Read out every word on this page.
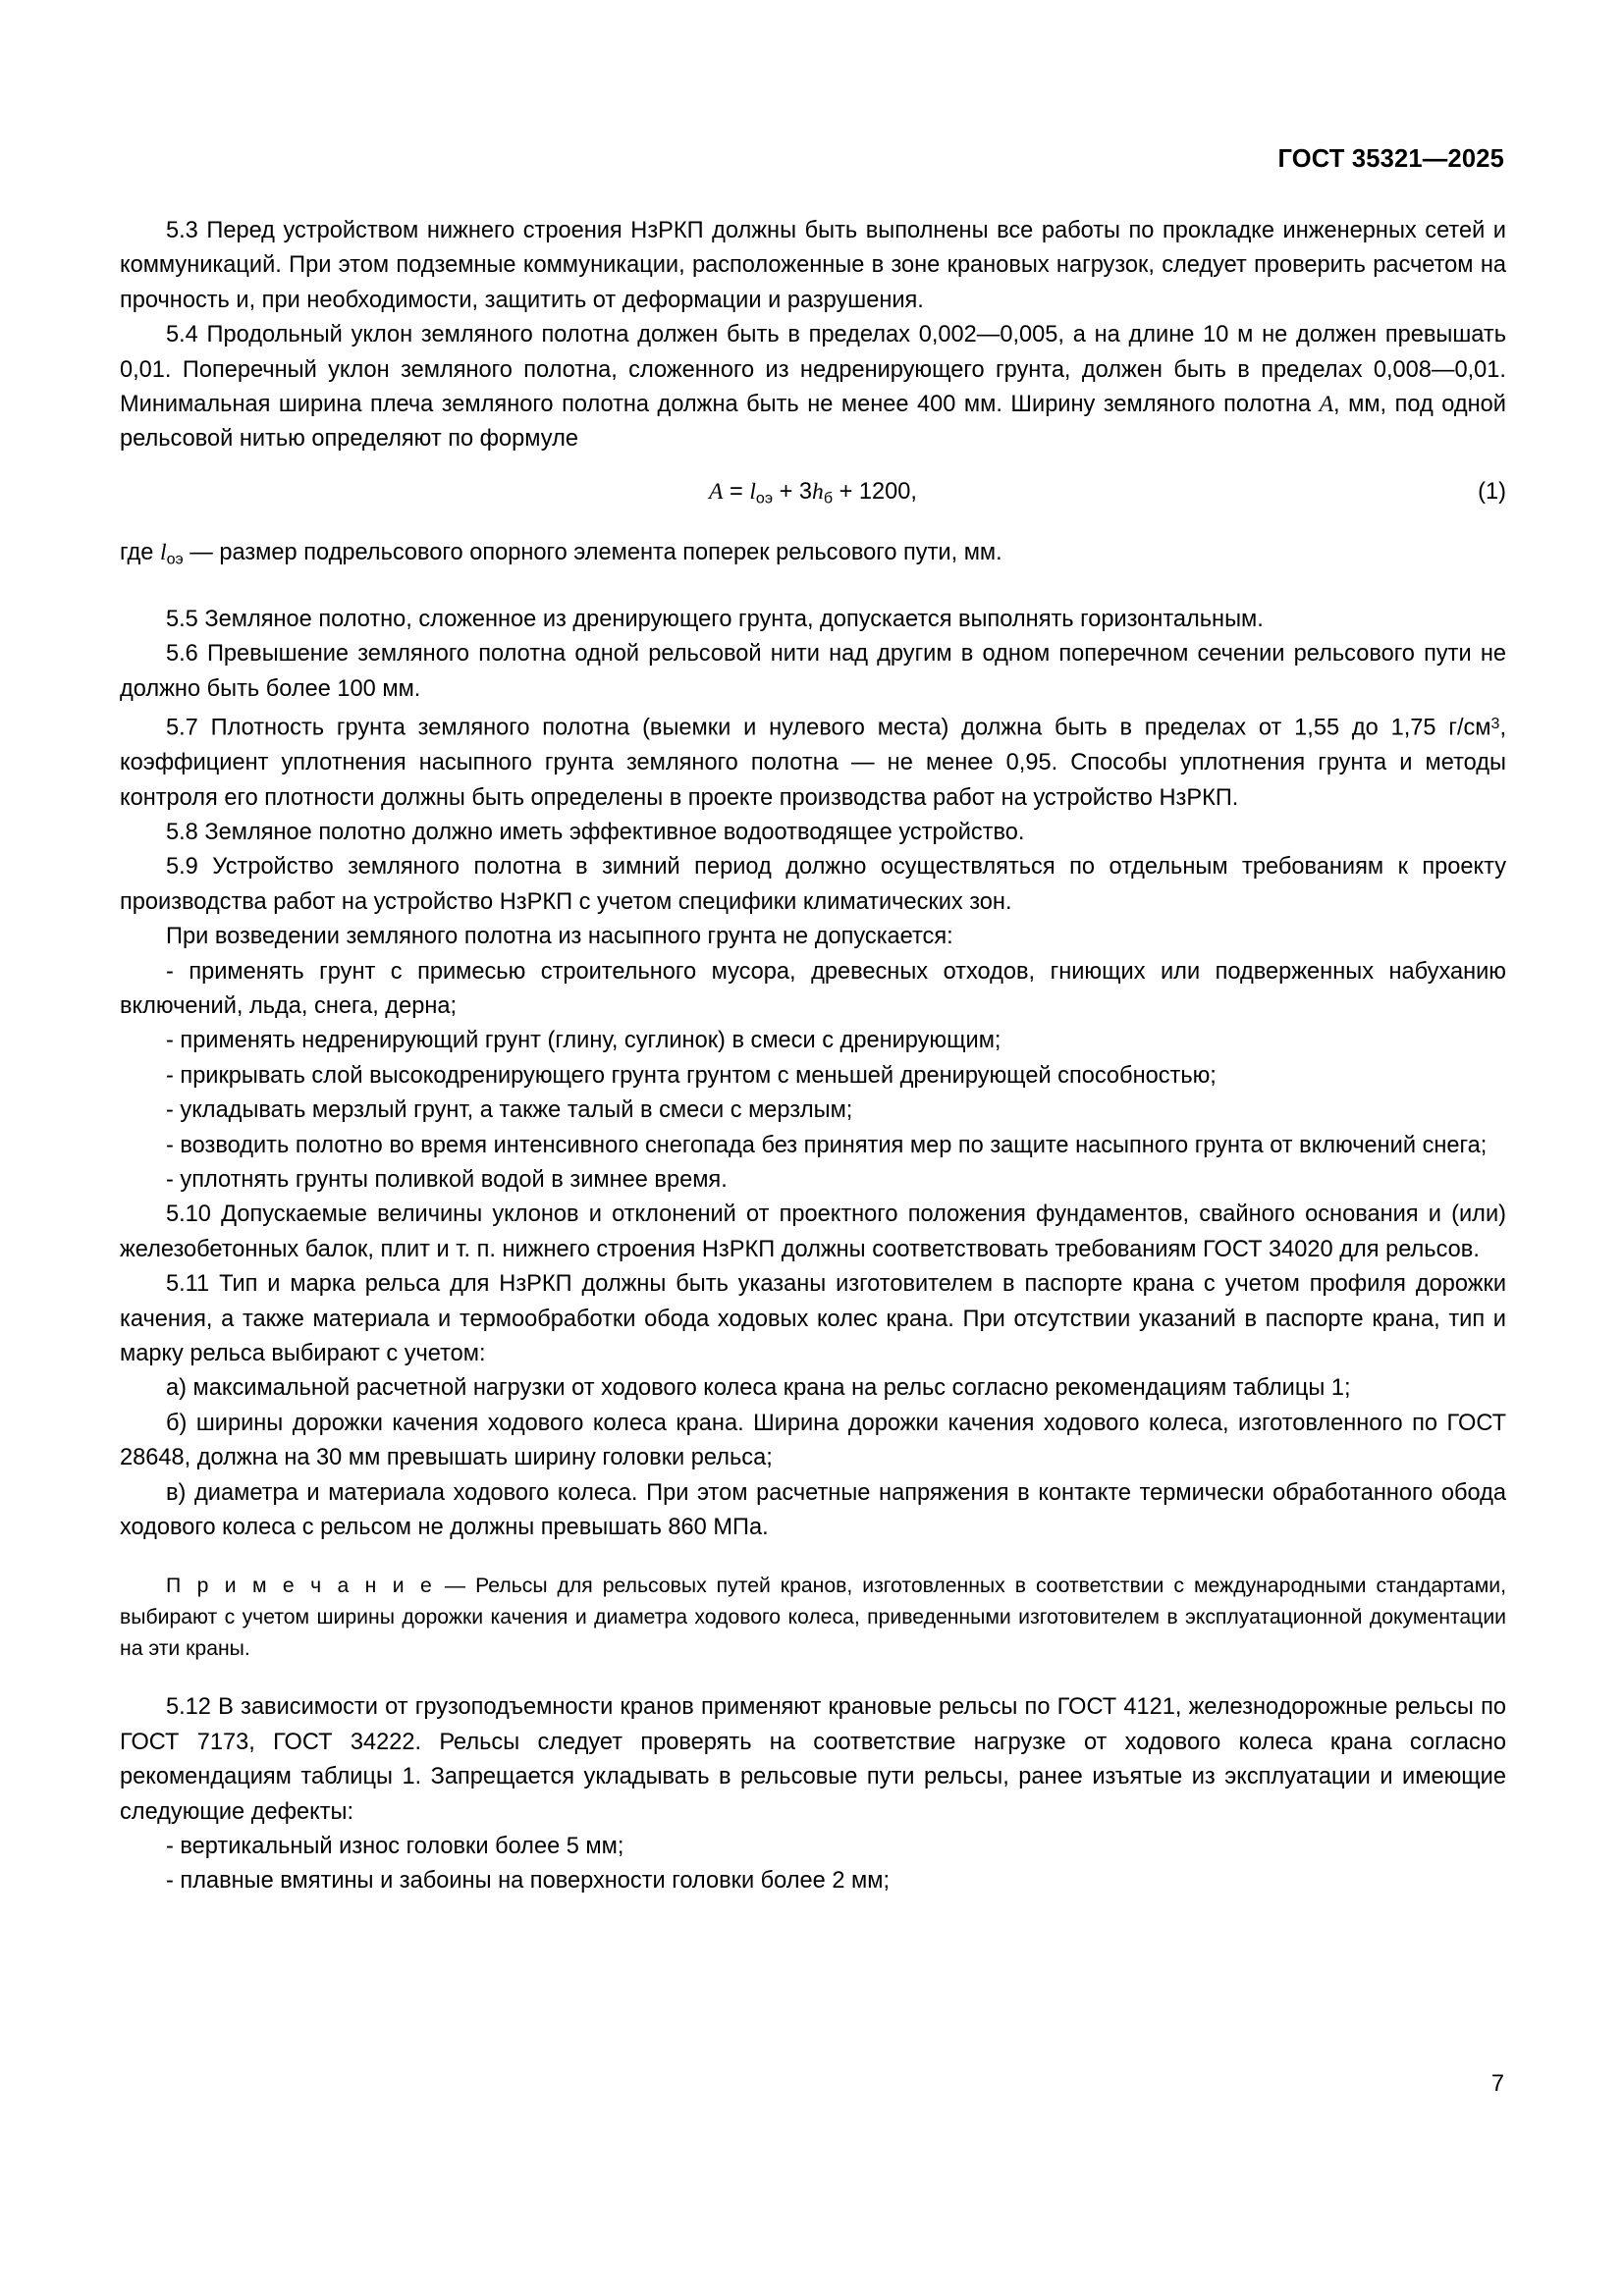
ГОСТ 35321—2025

5.3 Перед устройством нижнего строения НзРКП должны быть выполнены все работы по прокладке инженерных сетей и коммуникаций. При этом подземные коммуникации, расположенные в зоне крановых нагрузок, следует проверить расчетом на прочность и, при необходимости, защитить от деформации и разрушения.

5.4 Продольный уклон земляного полотна должен быть в пределах 0,002—0,005, а на длине 10 м не должен превышать 0,01. Поперечный уклон земляного полотна, сложенного из недренирующего грунта, должен быть в пределах 0,008—0,01. Минимальная ширина плеча земляного полотна должна быть не менее 400 мм. Ширину земляного полотна A, мм, под одной рельсовой нитью определяют по формуле

$A = l_{оэ} + 3h_б + 1200$,	(1)

где $l_{оэ}$ — размер подрельсового опорного элемента поперек рельсового пути, мм.

5.5 Земляное полотно, сложенное из дренирующего грунта, допускается выполнять горизонтальным.

5.6 Превышение земляного полотна одной рельсовой нити над другим в одном поперечном сечении рельсового пути не должно быть более 100 мм.

5.7 Плотность грунта земляного полотна (выемки и нулевого места) должна быть в пределах от 1,55 до 1,75 $г/см^3$, коэффициент уплотнения насыпного грунта земляного полотна — не менее 0,95. Способы уплотнения грунта и методы контроля его плотности должны быть определены в проекте производства работ на устройство НзРКП.

5.8 Земляное полотно должно иметь эффективное водоотводящее устройство.

5.9 Устройство земляного полотна в зимний период должно осуществляться по отдельным требованиям к проекту производства работ на устройство НзРКП с учетом специфики климатических зон.

При возведении земляного полотна из насыпного грунта не допускается:

- применять грунт с примесью строительного мусора, древесных отходов, гниющих или подверженных набуханию включений, льда, снега, дерна;

- применять недренирующий грунт (глину, суглинок) в смеси с дренирующим;

- прикрывать слой высокодренирующего грунта грунтом с меньшей дренирующей способностью;

- укладывать мерзлый грунт, а также талый в смеси с мерзлым;

- возводить полотно во время интенсивного снегопада без принятия мер по защите насыпного грунта от включений снега;

- уплотнять грунты поливкой водой в зимнее время.

5.10 Допускаемые величины уклонов и отклонений от проектного положения фундаментов, свайного основания и (или) железобетонных балок, плит и т. п. нижнего строения НзРКП должны соответствовать требованиям ГОСТ 34020 для рельсов.

5.11 Тип и марка рельса для НзРКП должны быть указаны изготовителем в паспорте крана с учетом профиля дорожки качения, а также материала и термообработки обода ходовых колес крана. При отсутствии указаний в паспорте крана, тип и марку рельса выбирают с учетом:

а) максимальной расчетной нагрузки от ходового колеса крана на рельс согласно рекомендациям таблицы 1;

б) ширины дорожки качения ходового колеса крана. Ширина дорожки качения ходового колеса, изготовленного по ГОСТ 28648, должна на 30 мм превышать ширину головки рельса;

в) диаметра и материала ходового колеса. При этом расчетные напряжения в контакте термически обработанного обода ходового колеса с рельсом не должны превышать 860 МПа.

П р и м е ч а н и е — Рельсы для рельсовых путей кранов, изготовленных в соответствии с международными стандартами, выбирают с учетом ширины дорожки качения и диаметра ходового колеса, приведенными изготовителем в эксплуатационной документации на эти краны.

5.12 В зависимости от грузоподъемности кранов применяют крановые рельсы по ГОСТ 4121, железнодорожные рельсы по ГОСТ 7173, ГОСТ 34222. Рельсы следует проверять на соответствие нагрузке от ходового колеса крана согласно рекомендациям таблицы 1. Запрещается укладывать в рельсовые пути рельсы, ранее изъятые из эксплуатации и имеющие следующие дефекты:

- вертикальный износ головки более 5 мм;

- плавные вмятины и забоины на поверхности головки более 2 мм;

7
